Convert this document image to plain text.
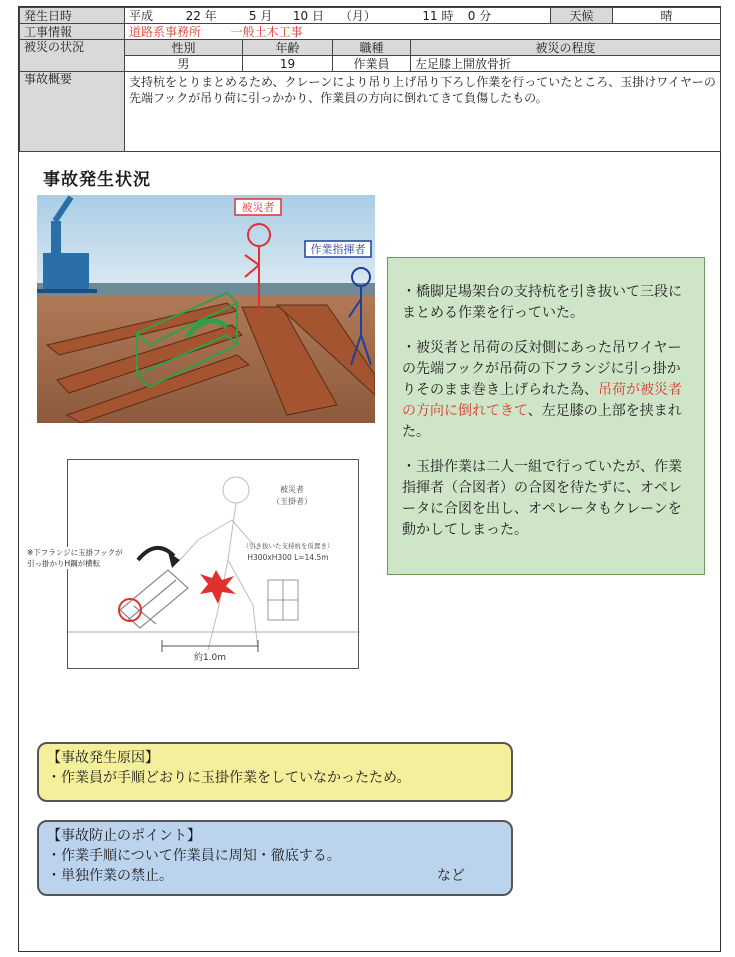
発生日時	平成 22 年 5 月 10 日 （月） 11 時 0 分				天候	晴
工事情報	道路系事務所 一般土木工事					
被災の状況	性別	年齢	職種	被災の程度		
	男	19	作業員	左足膝上開放骨折		
事故概要	支持杭をとりまとめるため、クレーンにより吊り上げ吊り下ろし作業を行っていたところ、玉掛けワイヤーの先端フックが吊り荷に引っかかり、作業員の方向に倒れてきて負傷したもの。					
事故発生状況
被災者
作業指揮者

・橋脚足場架台の支持杭を引き抜いて三段にまとめる作業を行っていた。

・被災者と吊荷の反対側にあった吊ワイヤーの先端フックが吊荷の下フランジに引っ掛かりそのまま巻き上げられた為、吊荷が被災者の方向に倒れてきて、左足膝の上部を挟まれた。

・玉掛作業は二人一組で行っていたが、作業指揮者（合図者）の合図を待たずに、オペレータに合図を出し、オペレータもクレーンを動かしてしまった。

約1.0m
被災者
（玉掛者）
（引き抜いた支持杭を仮置き）
H300xH300 L=14.5m
※下フランジに玉掛フックが
引っ掛かりH鋼が横転
【事故発生原因】
・作業員が手順どおりに玉掛作業をしていなかったため。
【事故防止のポイント】
・作業手順について作業員に周知・徹底する。
・単独作業の禁止。	など
